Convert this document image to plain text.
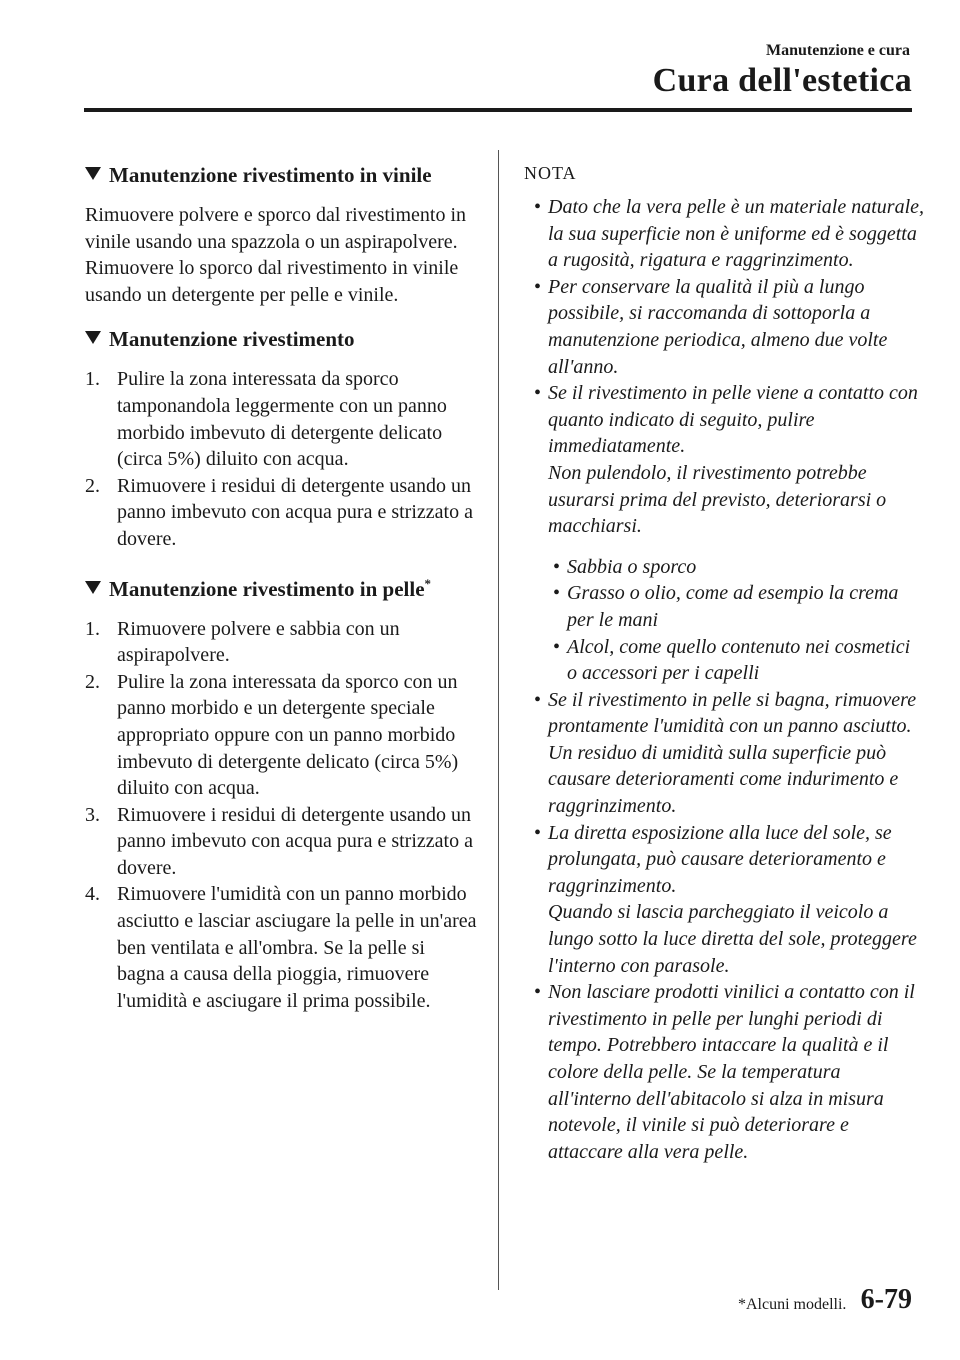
Manutenzione e cura
Cura dell'estetica
Manutenzione rivestimento in vinile

Rimuovere polvere e sporco dal rivestimento in vinile usando una spazzola o un aspirapolvere. Rimuovere lo sporco dal rivestimento in vinile usando un detergente per pelle e vinile.

Manutenzione rivestimento
1. Pulire la zona interessata da sporco tamponandola leggermente con un panno morbido imbevuto di detergente delicato (circa 5%) diluito con acqua.
2. Rimuovere i residui di detergente usando un panno imbevuto con acqua pura e strizzato a dovere.
Manutenzione rivestimento in pelle*
1. Rimuovere polvere e sabbia con un aspirapolvere.
2. Pulire la zona interessata da sporco con un panno morbido e un detergente speciale appropriato oppure con un panno morbido imbevuto di detergente delicato (circa 5%) diluito con acqua.
3. Rimuovere i residui di detergente usando un panno imbevuto con acqua pura e strizzato a dovere.
4. Rimuovere l'umidità con un panno morbido asciutto e lasciar asciugare la pelle in un'area ben ventilata e all'ombra. Se la pelle si bagna a causa della pioggia, rimuovere l'umidità e asciugare il prima possibile.
NOTA
• Dato che la vera pelle è un materiale naturale, la sua superficie non è uniforme ed è soggetta a rugosità, rigatura e raggrinzimento.
• Per conservare la qualità il più a lungo possibile, si raccomanda di sottoporla a manutenzione periodica, almeno due volte all'anno.
• Se il rivestimento in pelle viene a contatto con quanto indicato di seguito, pulire immediatamente.
Non pulendolo, il rivestimento potrebbe usurarsi prima del previsto, deteriorarsi o macchiarsi.
• Sabbia o sporco
• Grasso o olio, come ad esempio la crema per le mani
• Alcol, come quello contenuto nei cosmetici o accessori per i capelli
• Se il rivestimento in pelle si bagna, rimuovere prontamente l'umidità con un panno asciutto. Un residuo di umidità sulla superficie può causare deterioramenti come indurimento e raggrinzimento.
• La diretta esposizione alla luce del sole, se prolungata, può causare deterioramento e raggrinzimento.
Quando si lascia parcheggiato il veicolo a lungo sotto la luce diretta del sole, proteggere l'interno con parasole.
• Non lasciare prodotti vinilici a contatto con il rivestimento in pelle per lunghi periodi di tempo. Potrebbero intaccare la qualità e il colore della pelle. Se la temperatura all'interno dell'abitacolo si alza in misura notevole, il vinile si può deteriorare e attaccare alla vera pelle.
*Alcuni modelli. 6-79
